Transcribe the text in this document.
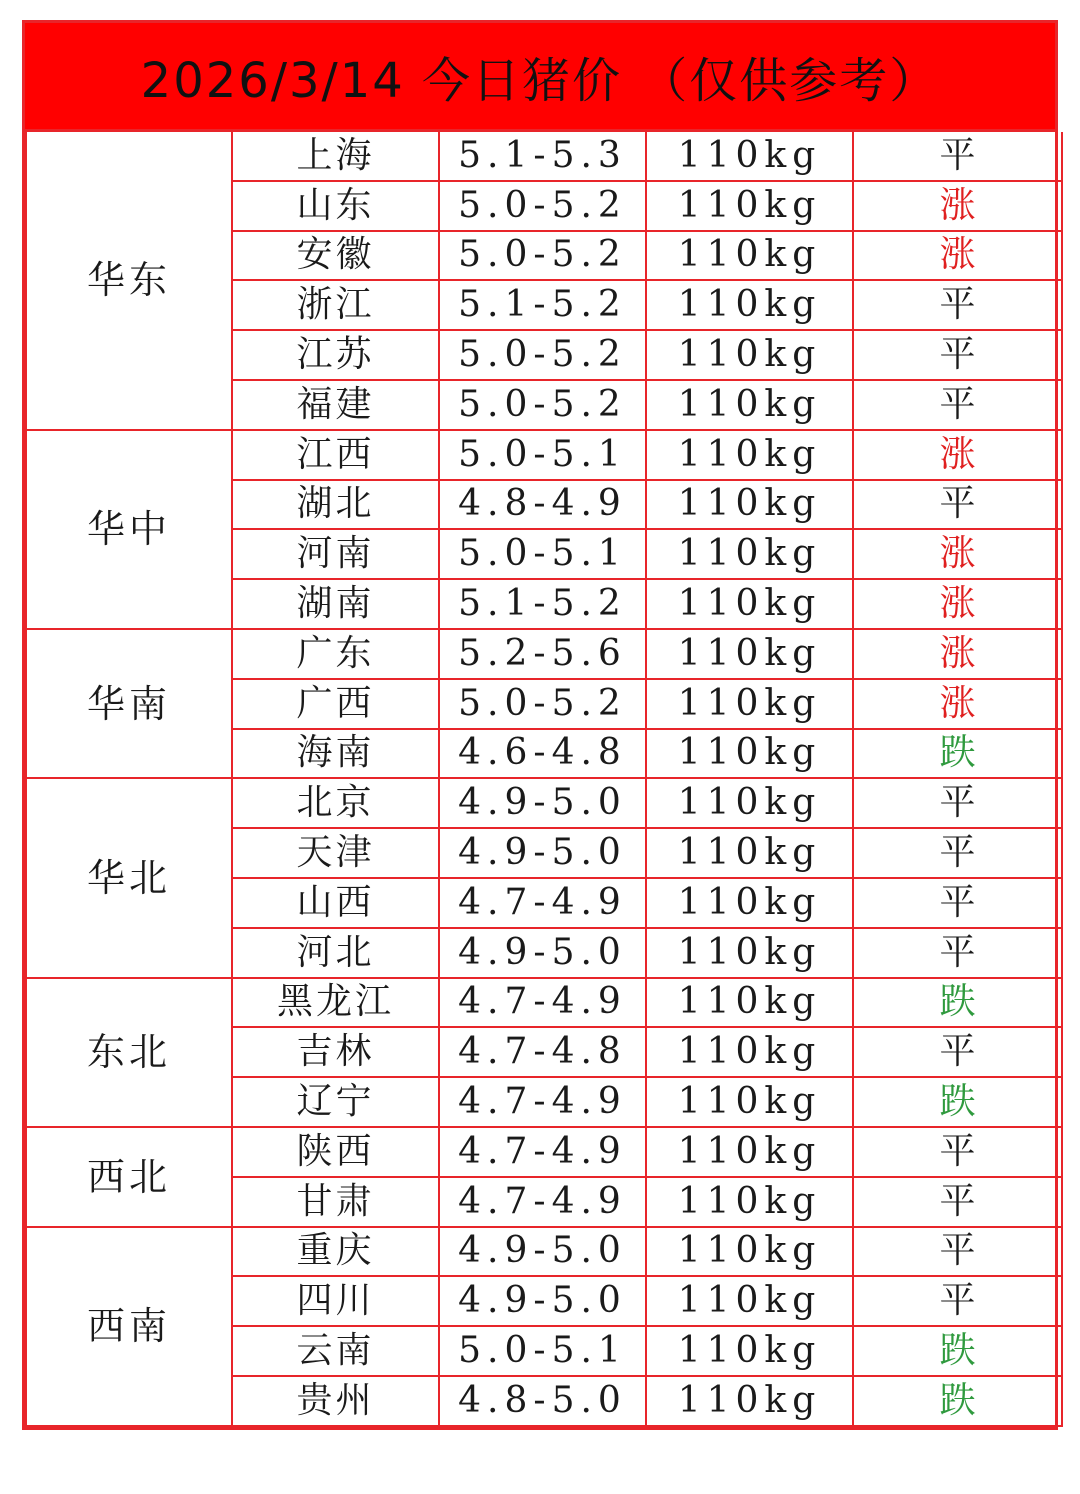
2026/3/14 今日猪价 （仅供参考）
华东	上海	5.1-5.3	110kg	平
	山东	5.0-5.2	110kg	涨
	安徽	5.0-5.2	110kg	涨
	浙江	5.1-5.2	110kg	平
	江苏	5.0-5.2	110kg	平
	福建	5.0-5.2	110kg	平
华中	江西	5.0-5.1	110kg	涨
	湖北	4.8-4.9	110kg	平
	河南	5.0-5.1	110kg	涨
	湖南	5.1-5.2	110kg	涨
华南	广东	5.2-5.6	110kg	涨
	广西	5.0-5.2	110kg	涨
	海南	4.6-4.8	110kg	跌
华北	北京	4.9-5.0	110kg	平
	天津	4.9-5.0	110kg	平
	山西	4.7-4.9	110kg	平
	河北	4.9-5.0	110kg	平
东北	黑龙江	4.7-4.9	110kg	跌
	吉林	4.7-4.8	110kg	平
	辽宁	4.7-4.9	110kg	跌
西北	陕西	4.7-4.9	110kg	平
	甘肃	4.7-4.9	110kg	平
西南	重庆	4.9-5.0	110kg	平
	四川	4.9-5.0	110kg	平
	云南	5.0-5.1	110kg	跌
	贵州	4.8-5.0	110kg	跌
